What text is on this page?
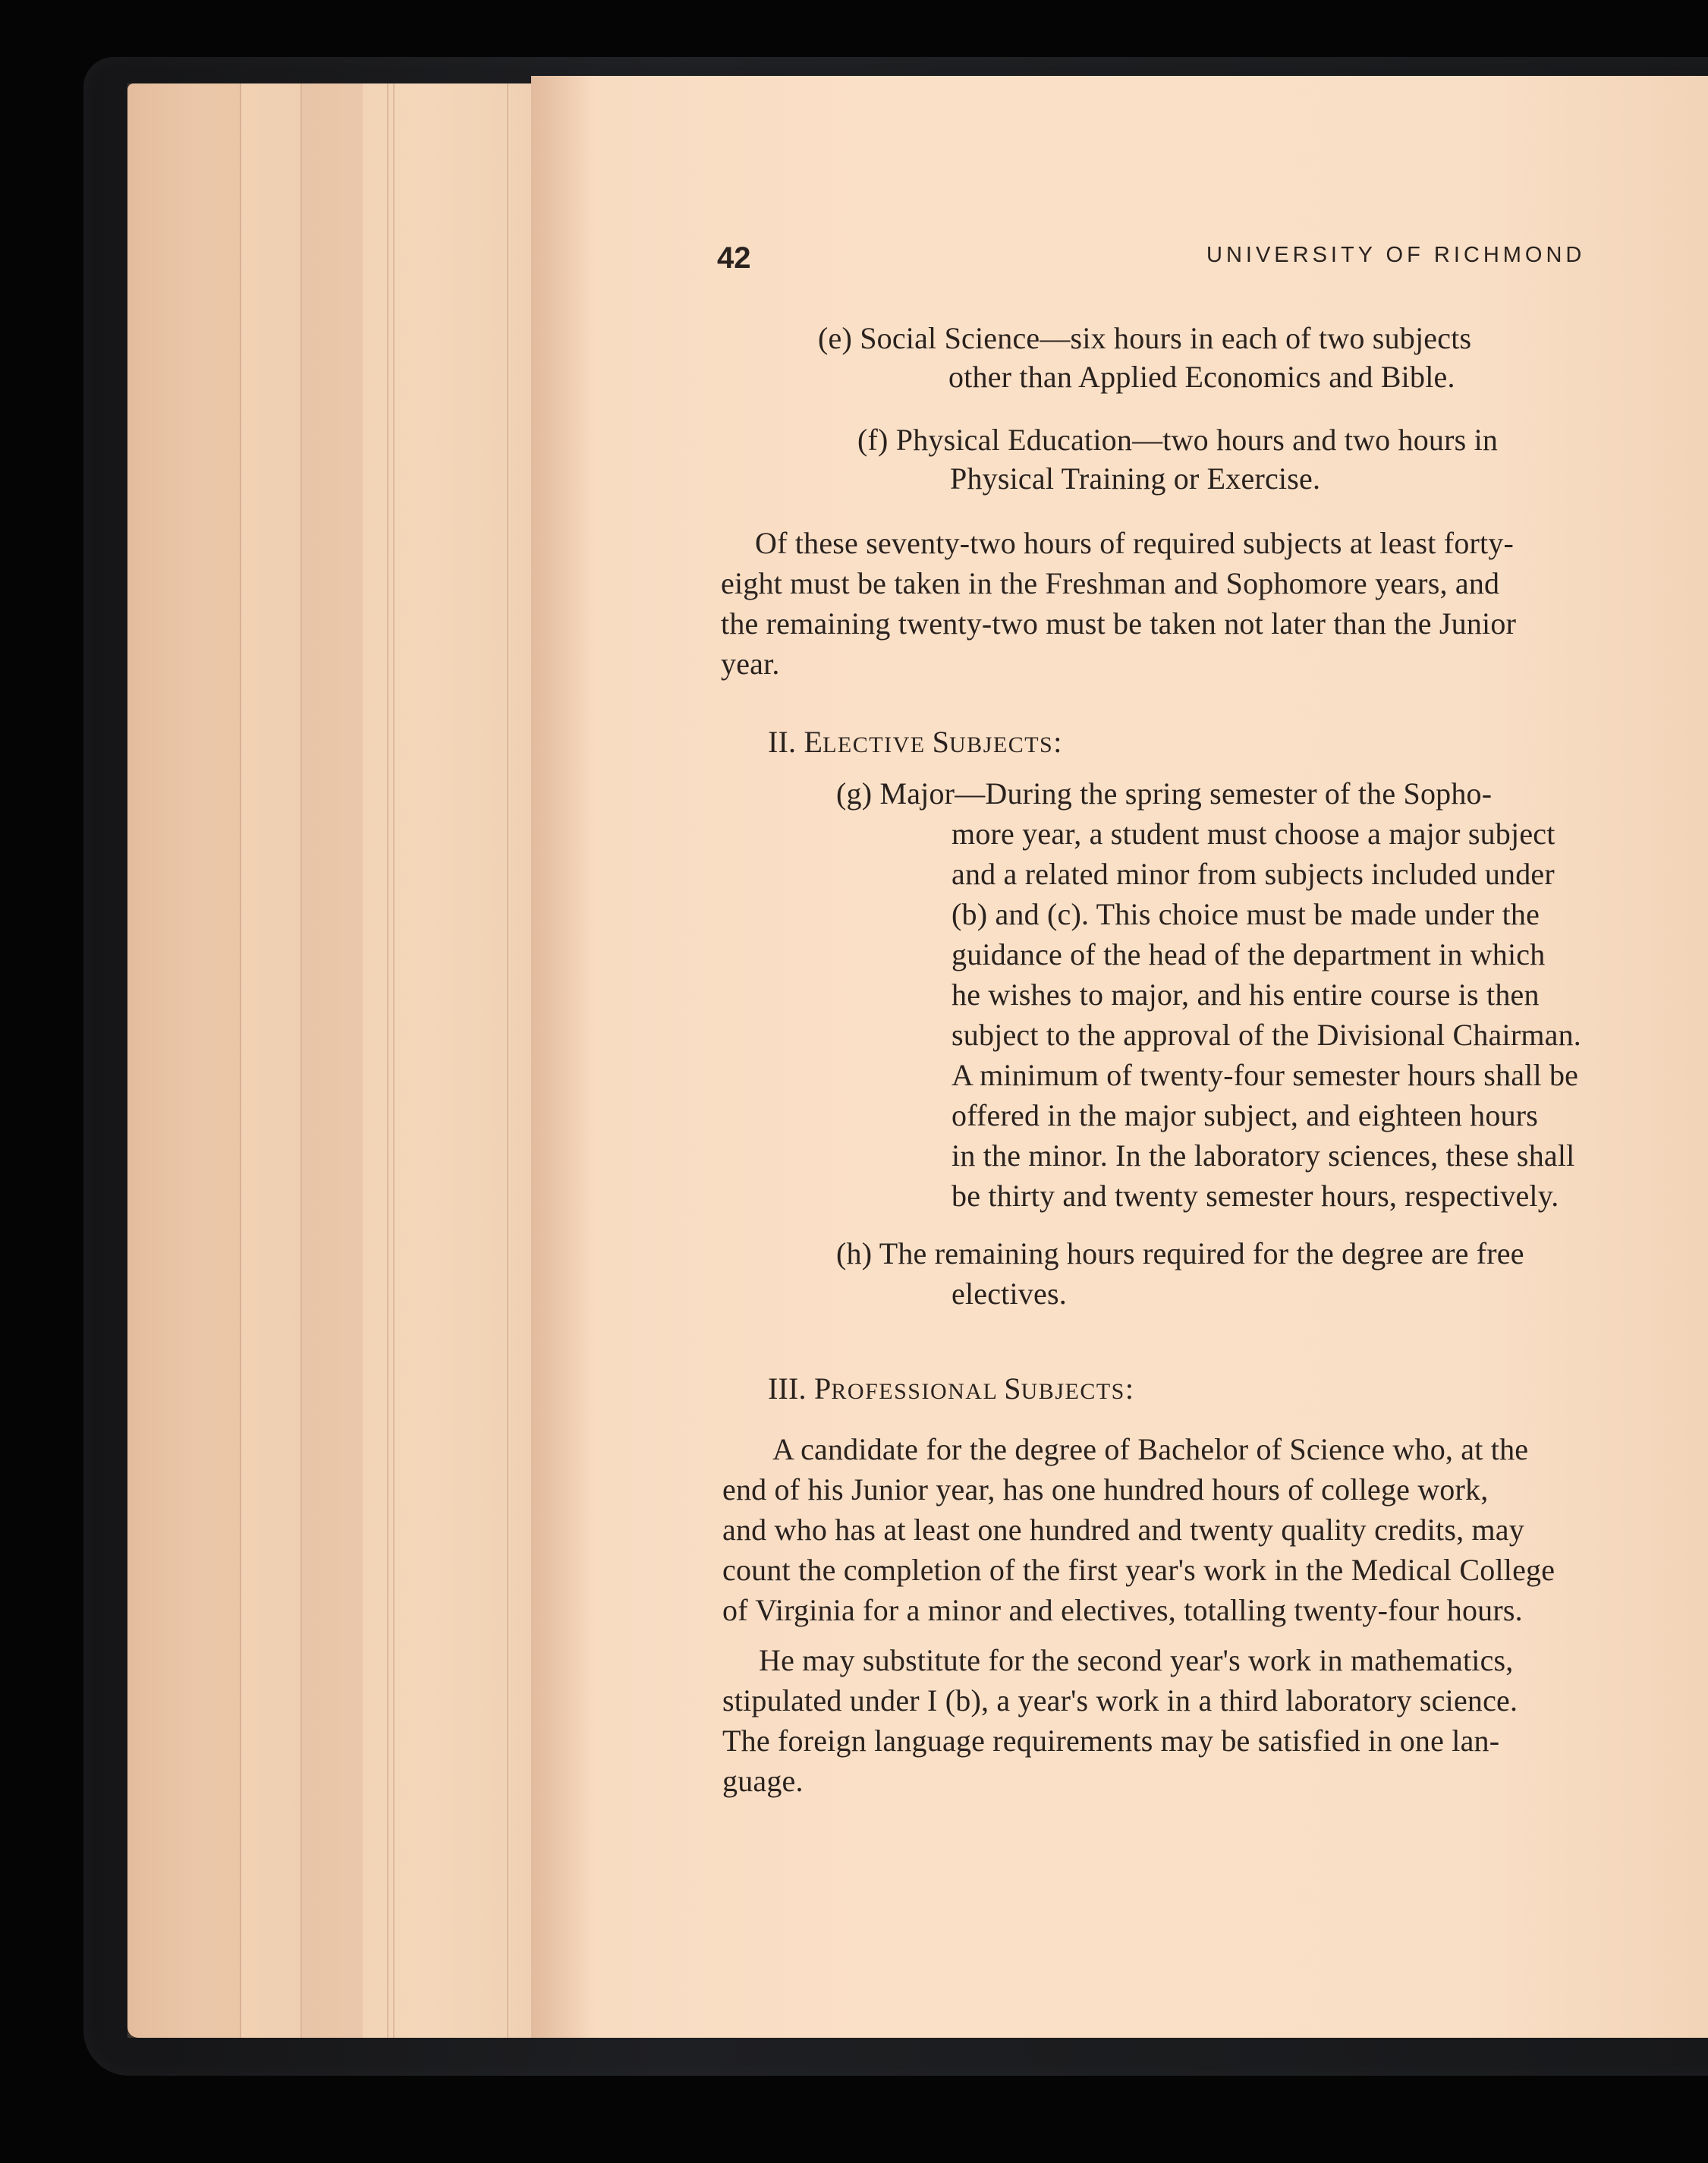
42	UNIVERSITY OF RICHMOND
(e) Social Science—six hours in each of two subjects
other than Applied Economics and Bible.
(f) Physical Education—two hours and two hours in
Physical Training or Exercise.
Of these seventy-two hours of required subjects at least forty-
eight must be taken in the Freshman and Sophomore years, and
the remaining twenty-two must be taken not later than the Junior
year.
II. ELECTIVE SUBJECTS:
(g) Major—During the spring semester of the Sopho-
more year, a student must choose a major subject
and a related minor from subjects included under
(b) and (c). This choice must be made under the
guidance of the head of the department in which
he wishes to major, and his entire course is then
subject to the approval of the Divisional Chairman.
A minimum of twenty-four semester hours shall be
offered in the major subject, and eighteen hours
in the minor. In the laboratory sciences, these shall
be thirty and twenty semester hours, respectively.
(h) The remaining hours required for the degree are free
electives.
III. PROFESSIONAL SUBJECTS:
A candidate for the degree of Bachelor of Science who, at the
end of his Junior year, has one hundred hours of college work,
and who has at least one hundred and twenty quality credits, may
count the completion of the first year's work in the Medical College
of Virginia for a minor and electives, totalling twenty-four hours.
He may substitute for the second year's work in mathematics,
stipulated under I (b), a year's work in a third laboratory science.
The foreign language requirements may be satisfied in one lan-
guage.
